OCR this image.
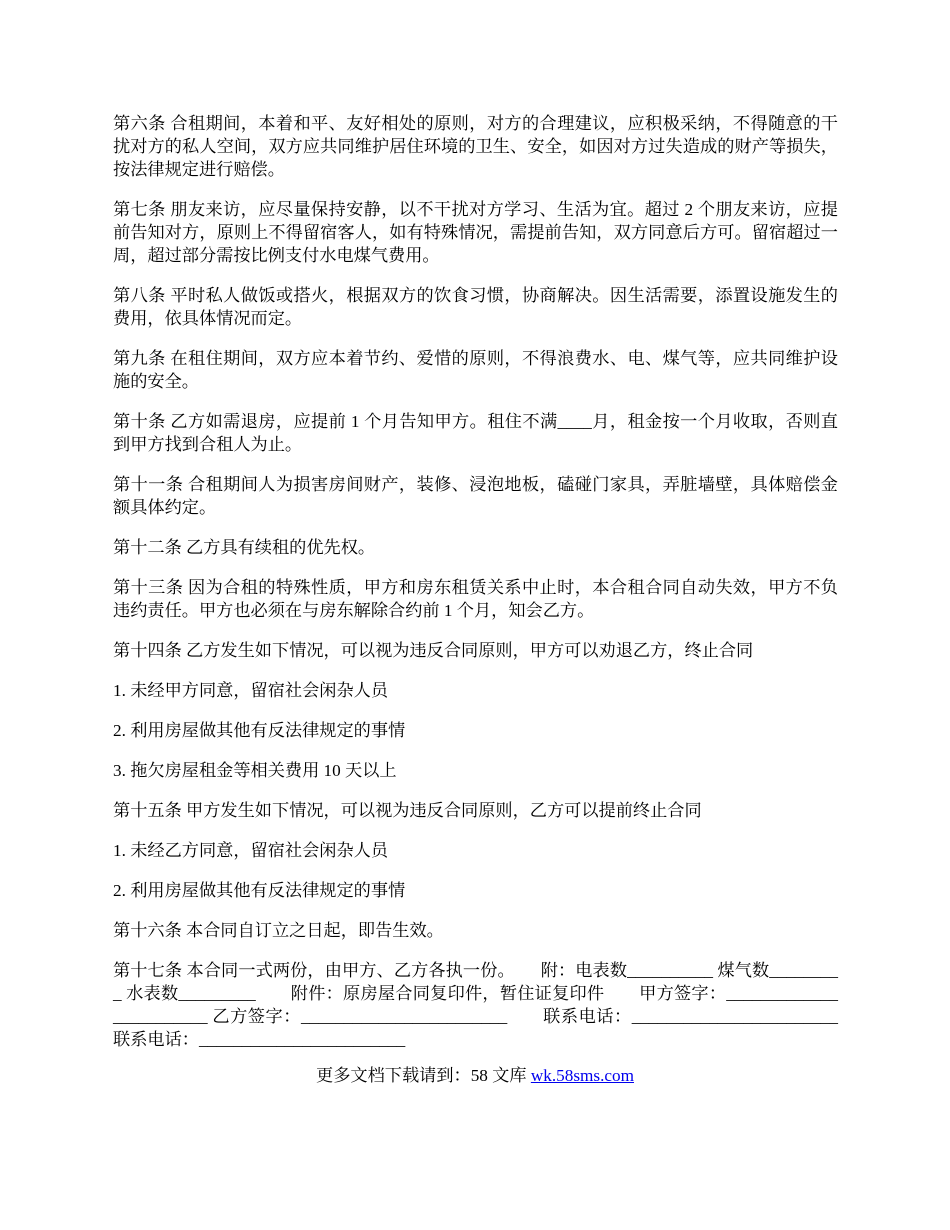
第六条 合租期间，本着和平、友好相处的原则，对方的合理建议，应积极采纳，不得随意的干扰对方的私人空间，双方应共同维护居住环境的卫生、安全，如因对方过失造成的财产等损失，按法律规定进行赔偿。

第七条 朋友来访，应尽量保持安静，以不干扰对方学习、生活为宜。超过 2 个朋友来访，应提前告知对方，原则上不得留宿客人，如有特殊情况，需提前告知，双方同意后方可。留宿超过一周，超过部分需按比例支付水电煤气费用。

第八条 平时私人做饭或搭火，根据双方的饮食习惯，协商解决。因生活需要，添置设施发生的费用，依具体情况而定。

第九条 在租住期间，双方应本着节约、爱惜的原则，不得浪费水、电、煤气等，应共同维护设施的安全。

第十条 乙方如需退房，应提前 1 个月告知甲方。租住不满____月，租金按一个月收取，否则直到甲方找到合租人为止。

第十一条 合租期间人为损害房间财产，装修、浸泡地板，磕碰门家具，弄脏墙壁，具体赔偿金额具体约定。

第十二条 乙方具有续租的优先权。

第十三条 因为合租的特殊性质，甲方和房东租赁关系中止时，本合租合同自动失效，甲方不负违约责任。甲方也必须在与房东解除合约前 1 个月，知会乙方。

第十四条 乙方发生如下情况，可以视为违反合同原则，甲方可以劝退乙方，终止合同

1. 未经甲方同意，留宿社会闲杂人员

2. 利用房屋做其他有反法律规定的事情

3. 拖欠房屋租金等相关费用 10 天以上

第十五条 甲方发生如下情况，可以视为违反合同原则，乙方可以提前终止合同

1. 未经乙方同意，留宿社会闲杂人员

2. 利用房屋做其他有反法律规定的事情

第十六条 本合同自订立之日起，即告生效。

第十七条 本合同一式两份，由甲方、乙方各执一份。　　附：电表数__________ 煤气数_________ 水表数_________　　附件：原房屋合同复印件，暂住证复印件　　甲方签字：________________________ 乙方签字：________________________　　联系电话：________________________ 联系电话：________________________

更多文档下载请到：58 文库 wk.58sms.com
